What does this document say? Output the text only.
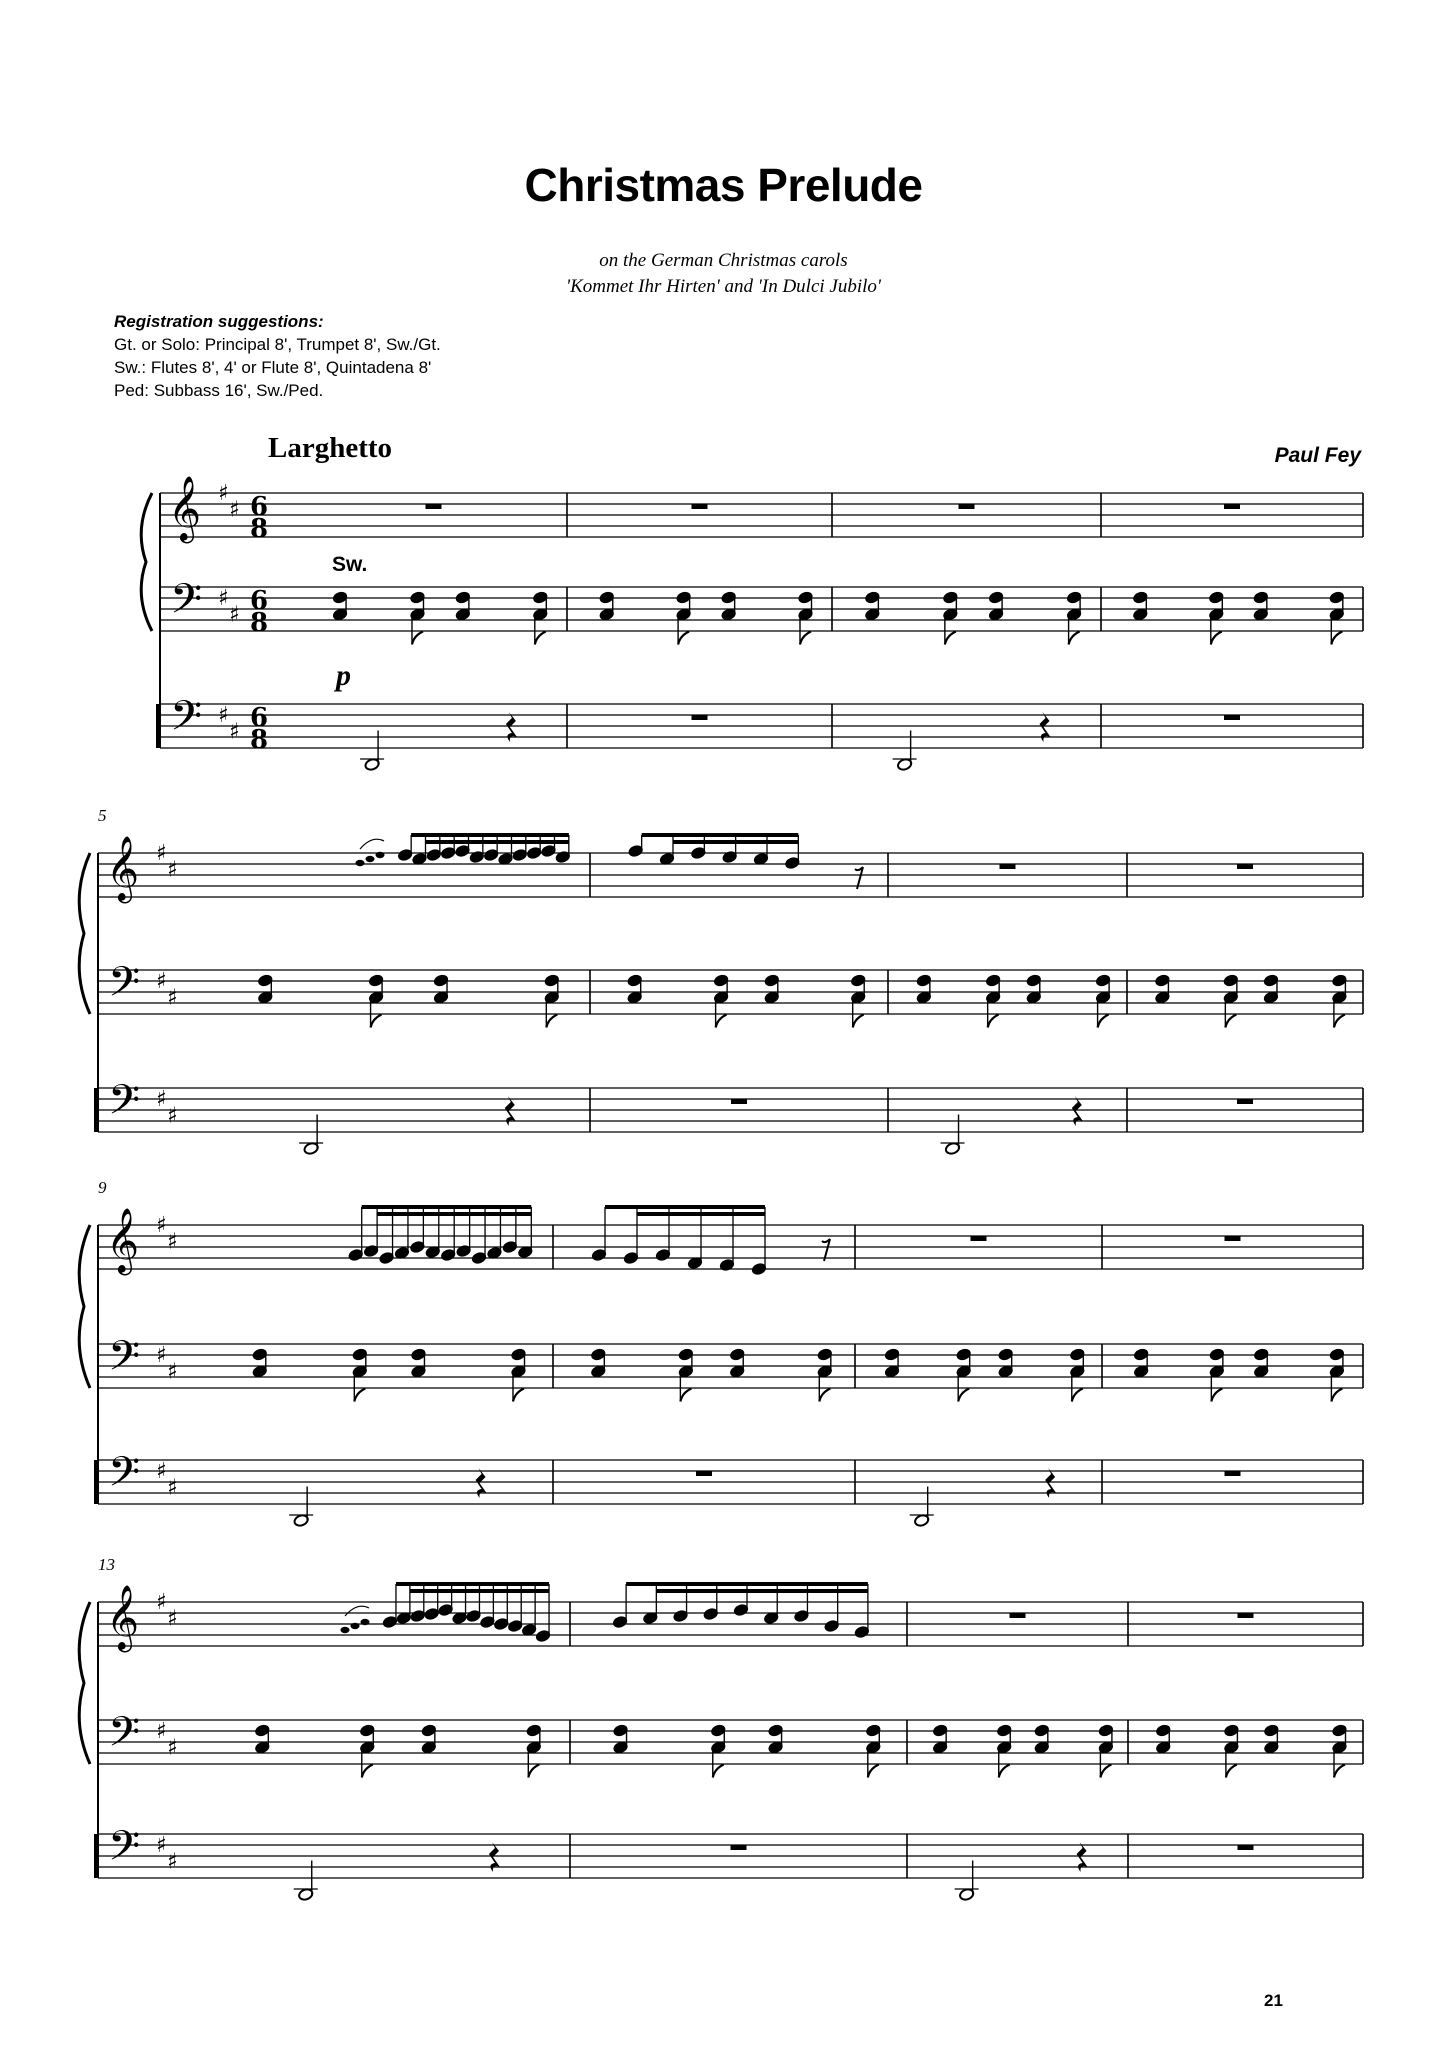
Christmas Prelude
on the German Christmas carols
'Kommet Ihr Hirten' and 'In Dulci Jubilo'
Registration suggestions:
Gt. or Solo: Principal 8', Trumpet 8', Sw./Gt.
Sw.: Flutes 8', 4' or Flute 8', Quintadena 8'
Ped: Subbass 16', Sw./Ped.
Larghetto	Paul Fey
21
𝄞
𝄢
𝄢
♯
♯
♯
♯
♯
♯
6
8
6
8
6
8
Sw.
p
𝄞
𝄢
𝄢
♯
♯
♯
♯
♯
♯
5
𝄞
𝄢
𝄢
♯
♯
♯
♯
♯
♯
9
𝄞
𝄢
𝄢
♯
♯
♯
♯
♯
♯
13
